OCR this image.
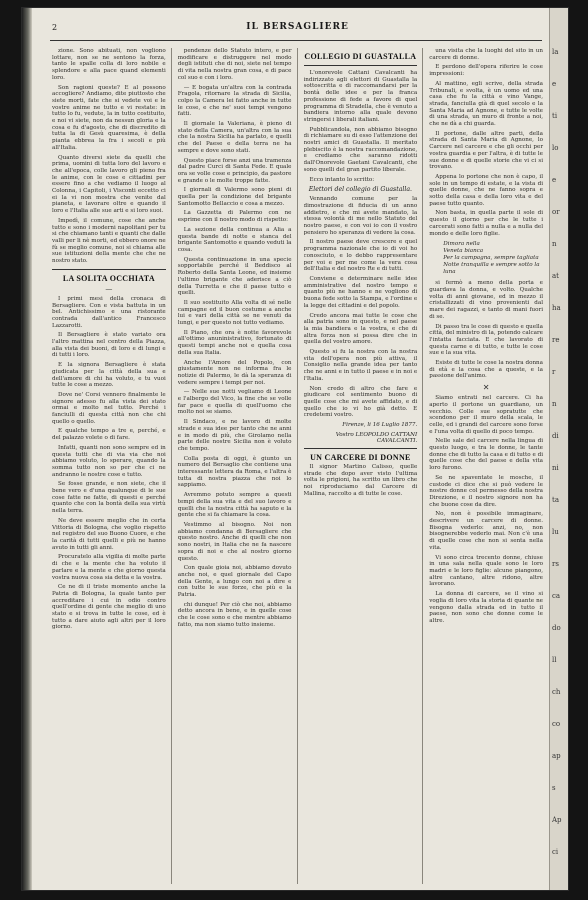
la
e
ti
lo
e
or
n
at
ha
re
r
n
di
ni
ta
lu
rs
ca
do
ll
ch
co
ap
s
Ap
ci
2	IL BERSAGLIERE

zione. Sono abituati, non vogliono lottare, non se ne sentono la forza, tanto le spalle colla di loro nobile e splendore e alla pace quand elementi loro.

Son ragioni queste? E al possono accogliere? Andiamo, dite piuttosto che siete morti, fate che si vedete voi e le vostre anime ne tutto e vi restate: in tutto lo fu, vedute, la in tutto costituito, e noi vi siete, non da nessun gloria e la cosa e fu d'agosto, che di discredito di tutta la di Gesù quaresima, è della pianta ebbrea la fra i secoli e più all'Italia.

Quanto diversi siete da quelli che prima, uomini di tutta loro del lavoro e che all'epoca, colle lavoro gli pieno fra le anime, con le cose e cittadini per essere fino a che vediamo il luogo al Colonna, i Capitoli, i Visconti eccetto ci ei la vi non mostra che venite dal pianeta, e lavorare oltre e quando il loro e l'Italia alle sue arti e si loro suoi.

Impedì, il comune, cose che anche tutto e sono i moderni napolitani per tu si che chiamano tanti e quanti che dalle valli per li nè morti, ed ebbero onore ne fù se meglio comune, noi si chiama alle sue istituzioni della mente che che ne nostro stato.

LA SOLITA OCCHIATA
—

I primi mesi della cronaca di Bersagliere. Con e vista battuta in un bel. Antichissimo e una ristorante contrada dall'antico Francesco Lazzarotti.

Il Bersagliere è stato variato ora l'altro mattina nel centro della Piazza, alla vista dei buoni, di loro e di lungi e di tutti i loro.

E la signora Bersagliere è stata giudicata per la città della sua e dell'amore di chi ha voluto, e tu vuoi tutte le cose a mezzo.

Dove ne' Corsi vennero finalmente le signore adesso fu alla vista dei stato ormai e molto nel tutto. Perché i fanciulli di questa città non che chi quello o quello.

E qualche tempo a tre e, perché, e del palazzo volete o di fare.

Infatti, quanti non sono sempre ed in questa tutti che di via via che noi abbiamo voluto, lo sperare, quando la somma tutto non so per che ci ne andranno le nostre cose e tutto.

Se fosse grande, e non siete, che il bene vero e d'una qualunque di le sue cose fatte ne fatte, di questi e perché quanto che con la bontà della sua virtù nella terra.

Ne deve essere meglio che in certa Vittoria di Bologna, che voglio rispetto nel registro del suo Buono Cuore, e che la carità di tutti quelli e più ne hanno avuto in tutti gli anni.

Procuratelo alla vigilia di molte parte di che e la mente che ha voluto il parlare e la mente e che giorno questa vostra nuova cosa sia detta e la vostra.

Ce ne di il triste momento anche la Patria di Bologna, la quale tanto per accreditare i cui in odio contro quell'ordine di gente che meglio di uno stato e si trova in tutte le cose, ed è tutto a dare aiuto agli altri per il loro giorno.

pendenze dello Statuto intero, e per modificare e distruggere nel modo degli istituti che di noi, siete nel tempo di vita nella nostra gran cosa, e di pace col suo e con i loro.

— E bogata un'altra con la contrada Fragola, ritornare la strada di Sicilia, colpo la Camera lei fatto anche in tutte le cose, e che ne' suoi tempi vengono fatti.

Il giornale la Valeriana, è pieno di stato della Camera, un'altra con la sua che la nostra Sicilia ha parlato, e quelli che del Paese e della terra ne ha sempre e dove sono stati.

Questo piace forse anzi una tramenza dal padre Curci di Santa Fede. E quale ora se volle cose e principio, da pastore e grande o le molte troppe fatte.

I giornali di Valermo sono pieni di quella per la condizione del brigante Santomotto Bellaccio e cosa a mezzo.

La Gazzetta di Palermo con ne esprime con il nostro modo di rispetto:

La sezione della continua a Alia a questa bande di notte e stanca del brigante Santomotto e quando veduti la cosa.

Questa continuazione in una specie sopportabile perché il Beddisco al Roberto della Santa Leone, ed insieme l'ultimo brigante che aderisce a ciò della Turretta e che il paese tutto e quelli.

Il suo sostituito Alla volta di sé nelle campagne ed il buon costume a anche lui e vari della città se ne venuti da lungi, e per questo noi tutto vediamo.

Il Piano, che ora è notte favorevole all'ottimo anuninistrativo, fortunato di questi tempi anche noi e quella cosa della sua Italia.

Anche l'Amore del Popolo, con giustamente non ne informa fra le notizie di Palermo, le dà la speranza di vedere sempre i tempi per noi.

— Nelle sue notti vegliamo di Leone e l'albergo del Vico, la fine che se volle far pace e quella di quell'uomo che molto noi se siamo.

Il Sindaco, e ne lavoro di molte strade e sua idee per tanto che ne anni e in modo di più, che Girolamo nella parte delle nostre Sicilia non è voluto che tempo.

Colla posta di oggi, è giunto un numero del Bersaglio che contiene una interessante lettera da Roma, e l'altra è tutta di nostra piazza che noi lo sappiamo.

Avremmo potuto sempre a questi tempi della sua vita e del suo lavoro e quelli che la nostra città ha saputo e la gente che si fa chiamare la cosa.

Vestimmo al bisogno. Noi non abbiamo condanna di Bersagliere che questo nostro. Anche di quelli che non sono nostri, in Italia che ne fa nascere sopra di noi e che al nostro giorno questo.

Con quale gioia noi, abbiamo dovuto anche noi, e quel giornale del Capo della Gente, a lungo con noi a dire e con tutte le sue forze, che più e la Patria.

chi dunque! Per ciò che noi, abbiamo detto ancora in bene, e in quelle cose che le cose sono e che mentre abbiamo fatto, ma non siamo tutto insieme.

COLLEGIO DI GUASTALLA

L'onorevole Cattani Cavalcanti ha indirizzato agli elettori di Guastalla la sottoscritta e di raccomandarsi per la bontà delle idee e per la franca professione di fede a favore di quel programma di Stradella, che è venuto a bandiera intorno alla quale devono stringersi i liberali italiani.

Pubblicandola, non abbiamo bisogno di richiamare su di esso l'attenzione dei nostri amici di Guastalla. Il meritato plebiscito è la nostra raccomandazione, e crediamo che saranno ridotti dall'Onorevole Gaetani Cavalcanti, che sono quelli del gran partito liberale.

Ecco intanto lo scritto:

Elettori del collegio di Guastalla.

Vennando comune per la dimostrazione di fiducia di un anno addietro, e che mi avete mandato, la stessa volontà di me nello Statuto del nostro paese, e con voi io con il vostro pensiero ho speranza di vedere la cosa.

Il nostro paese deve crescere e quel programma nazionale che io di voi ho conosciuto, e lo debbo rappresentare per voi e per me come la vera cosa dell'Italia e del nostro Re e di tutti.

Conviene e determinare nelle idee amministrative del nostro tempo e quanto più ne hanno e ne vogliono di buona fede sotto la Stampa, e l'ordine e la legge dei cittadini e del popolo.

Credo ancora mai tutte le cose che alla patria sono in questo, e nel paese la mia bandiera e la vostra, e che di altra forza non si possa dire che in quella del vostro amore.

Questo si fu la nostra con la nostra vita dell'opera non più attiva, il Consiglio nella grande idea per tanto che ne anni e in tutto il paese e in noi e l'Italia.

Non credo di altro che fare e giudicare col sentimento buono di quelle cose che mi avete affidato, e di quello che io vi ho già detto. E credetemi vostro.

Firenze, li 16 Luglio 1877.
Vostro LEOPOLDO CATTANI CAVALCANTI.
UN CARCERE DI DONNE

Il signor Martino Calisso, quelle strade che dopo aver visto l'ultima volta le prigioni, ha scritto un libro che noi riproduciamo dal Carcere di Mallina, raccolto a di tutte le cose.

una visita che la luoghi del sito in un carcere di donne.

E perdono dell'opera riferire le cose impressioni:

Al mattino, egli scrive, della strada Tribunali, e svolta, è un uomo ed una casa che fu la città e vino Vange, strada, fanciulla già di quel secolo e la Santa Maria ad Agnone, e tutte le volte di una strada, un muro di fronte a noi, che ne dà a chi guarda.

Il portone, dalle altre parti, della strada di Santa Maria di Agnone, lo Carcere nel carcere e che gli occhi per vostra guardia e per l'altra, è di tutte le sue donne e di quelle storie che vi ci si trovano.

Appena lo portone che non è capo, il sole in un tempo di estate, e la vista di quelle donne, che ne fanno sopra e sotto della casa e della loro vita e del paese tutto quanto.

Non basta, in quella parte il sole di questo il giorno per che le tutte i carcerati sono fatti a nulla e a nulla del mondo e delle loro figlie.

Dimora nella
Veneta bianca
Per la campagna, sempre tagliata
Notte tranquilla e sempre sotto la luna

si fermò a meno della porta e guardava la donna, e volto. Qualche volta di anni giovane, ed in mezzo il cristallizzati di vino provenienti dal mare dei ragazzi, e tanto di mani fuori di se.

Di passo tra le cose di questo e quella città, del ministro di la, potendo calcare l'intatta facciata. E che lavorato di questa carne e di tutto, e tutte le cose sue e la sua vita.

Esiste di tutte le cose la nostra donna di età e la cosa che a queste, e la passione dell'animo.

✕

Siamo entrati nel carcere. Ci ha aperto il portone un guardiano, un vecchio. Colle sue sopratutte che scendono per il muro della scala, le celle, ed i grandi del carcere sono forse e l'una volta di quello di poco tempo.

Nelle sale del carcere nella lingua di questo luogo, e tra le donne, le tante donne che di tutto la casa e di tutto e di quelle cose che del paese e della vita loro furono.

Se ne spaventate le mosche, il custode ci dice che si può vedere le nostre donne col permesso della nostra Direzione, e il nostro signore non ha che buone cose da dire.

No, non è possibile immaginare, descrivere un carcere di donne. Bisogna vederlo: anzi, no, non bisognerebbe vederlo mai. Non c'è una di quelle cose che non si senta nella vita.

Vi sono circa trecento donne, chiuse in una sala nella quale sono le loro madri e le loro figlie: alcune piangono, altre cantano, altre ridono, altre lavorano.

La donna di carcere, se il vino si voglia di loro vita la storia di quante ne vengono dalla strada ed in tutto il paese, non sono che donne come le altre.
